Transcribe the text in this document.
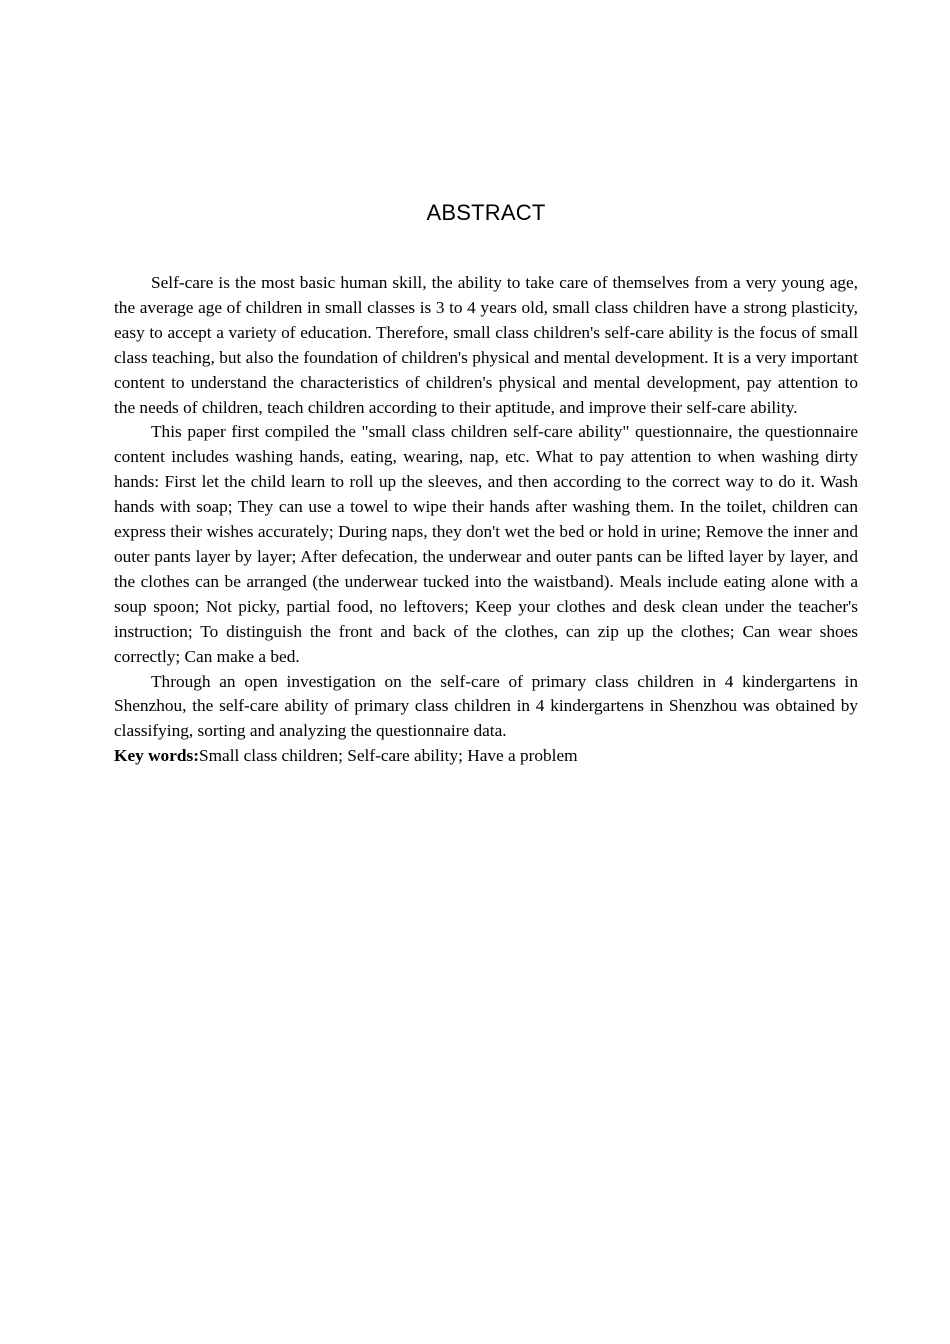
ABSTRACT

Self-care is the most basic human skill, the ability to take care of themselves from a very young age, the average age of children in small classes is 3 to 4 years old, small class children have a strong plasticity, easy to accept a variety of education. Therefore, small class children's self-care ability is the focus of small class teaching, but also the foundation of children's physical and mental development. It is a very important content to understand the characteristics of children's physical and mental development, pay attention to the needs of children, teach children according to their aptitude, and improve their self-care ability.

This paper first compiled the "small class children self-care ability" questionnaire, the questionnaire content includes washing hands, eating, wearing, nap, etc. What to pay attention to when washing dirty hands: First let the child learn to roll up the sleeves, and then according to the correct way to do it. Wash hands with soap; They can use a towel to wipe their hands after washing them. In the toilet, children can express their wishes accurately; During naps, they don't wet the bed or hold in urine; Remove the inner and outer pants layer by layer; After defecation, the underwear and outer pants can be lifted layer by layer, and the clothes can be arranged (the underwear tucked into the waistband). Meals include eating alone with a soup spoon; Not picky, partial food, no leftovers; Keep your clothes and desk clean under the teacher's instruction; To distinguish the front and back of the clothes, can zip up the clothes; Can wear shoes correctly; Can make a bed.

Through an open investigation on the self-care of primary class children in 4 kindergartens in Shenzhou, the self-care ability of primary class children in 4 kindergartens in Shenzhou was obtained by classifying, sorting and analyzing the questionnaire data.

Key words:Small class children; Self-care ability; Have a problem
